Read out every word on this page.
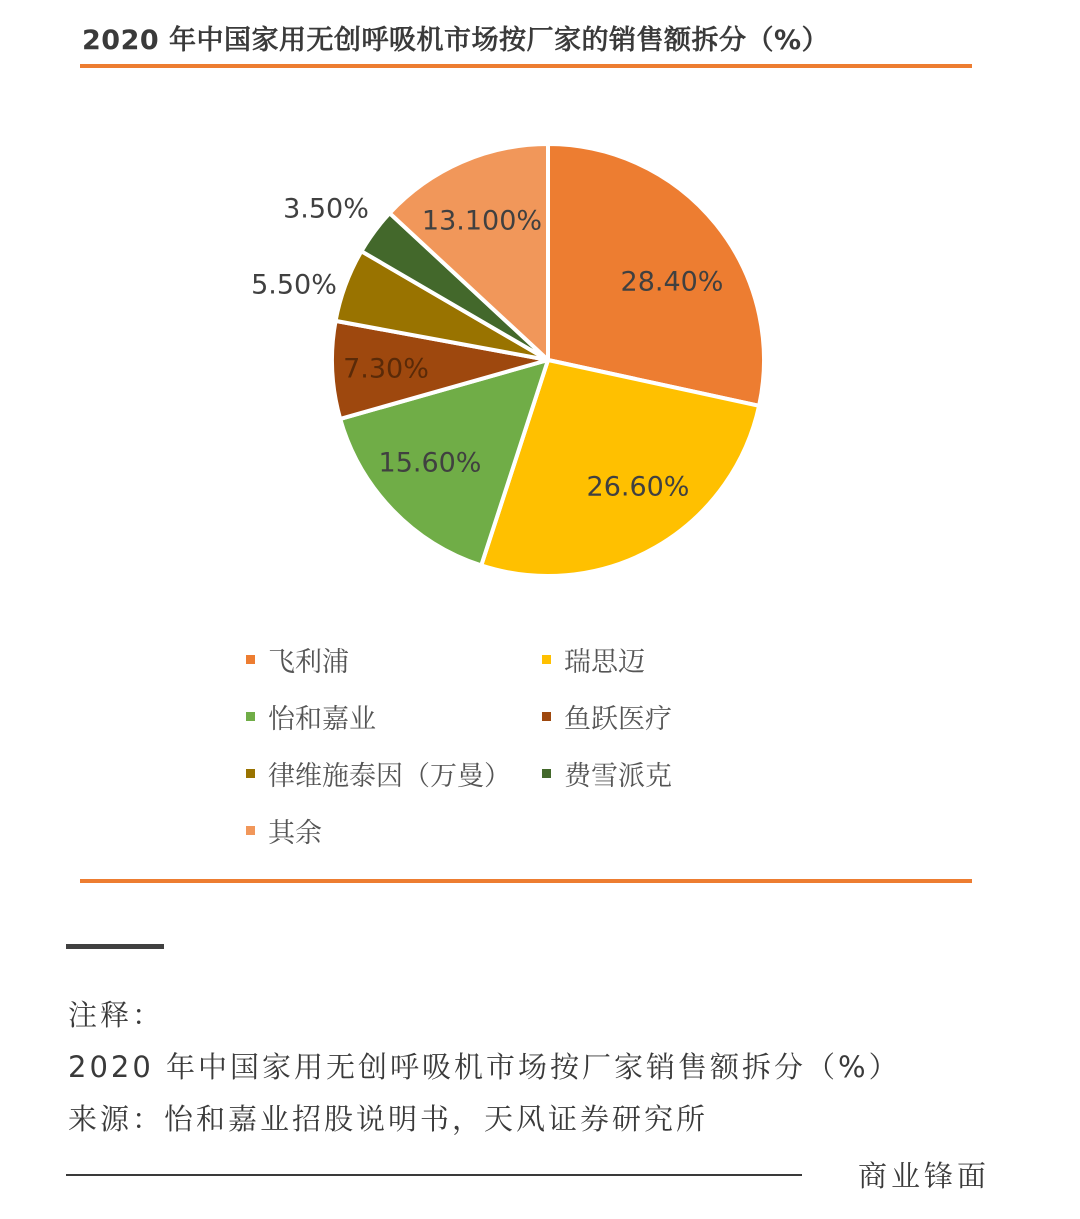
2020 年中国家用无创呼吸机市场按厂家的销售额拆分（%）
28.40%
26.60%
15.60%
7.30%
5.50%
3.50% 13.100%
飞利浦	瑞思迈
怡和嘉业	鱼跃医疗
律维施泰因（万曼） 费雪派克
其余
注释：
2020 年中国家用无创呼吸机市场按厂家销售额拆分（%）
来源：怡和嘉业招股说明书，天风证券研究所
商业锋面
